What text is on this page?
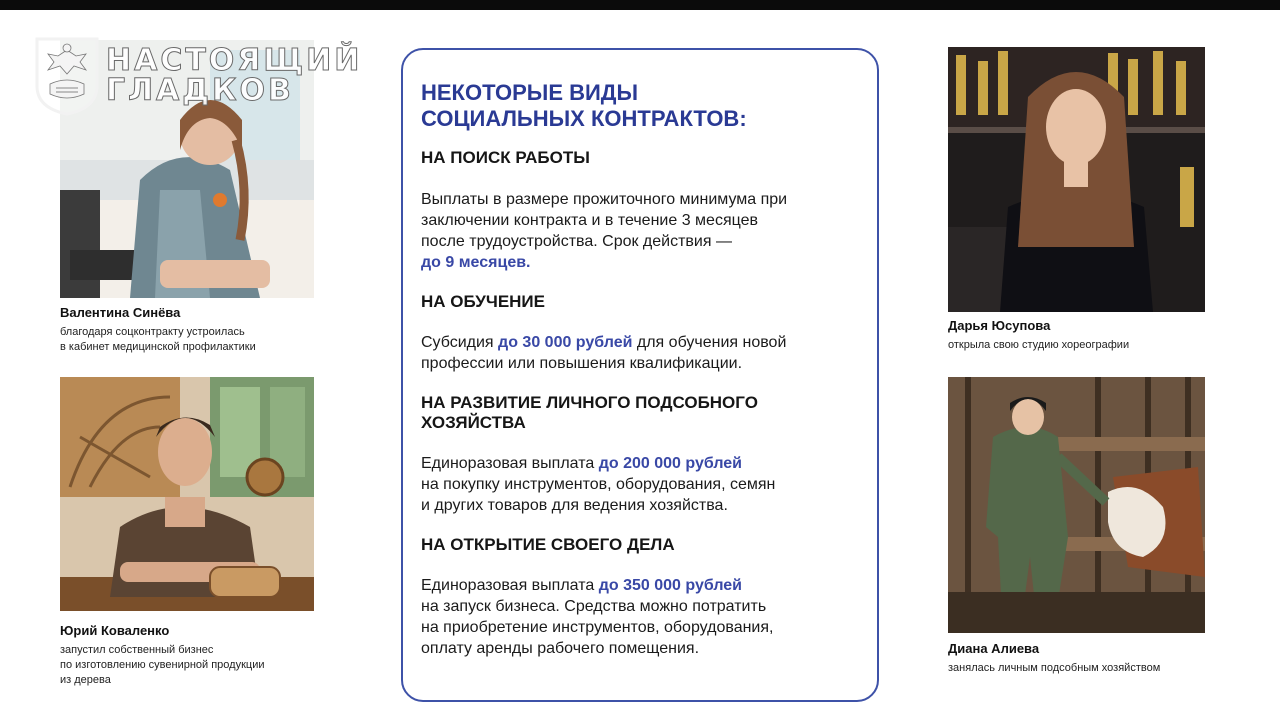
НАСТОЯЩИЙ
ГЛАДКОВ
Валентина Синёва
благодаря соцконтракту устроилась
в кабинет медицинской профилактики
Юрий Коваленко
запустил собственный бизнес
по изготовлению сувенирной продукции
из дерева
Дарья Юсупова
открыла свою студию хореографии
Диана Алиева
занялась личным подсобным хозяйством
НЕКОТОРЫЕ ВИДЫ
СОЦИАЛЬНЫХ КОНТРАКТОВ:
НА ПОИСК РАБОТЫ
Выплаты в размере прожиточного минимума при
заключении контракта и в течение 3 месяцев
после трудоустройства. Срок действия —
до 9 месяцев.
НА ОБУЧЕНИЕ
Субсидия до 30 000 рублей для обучения новой
профессии или повышения квалификации.
НА РАЗВИТИЕ ЛИЧНОГО ПОДСОБНОГО
ХОЗЯЙСТВА
Единоразовая выплата до 200 000 рублей
на покупку инструментов, оборудования, семян
и других товаров для ведения хозяйства.
НА ОТКРЫТИЕ СВОЕГО ДЕЛА
Единоразовая выплата до 350 000 рублей
на запуск бизнеса. Средства можно потратить
на приобретение инструментов, оборудования,
оплату аренды рабочего помещения.
